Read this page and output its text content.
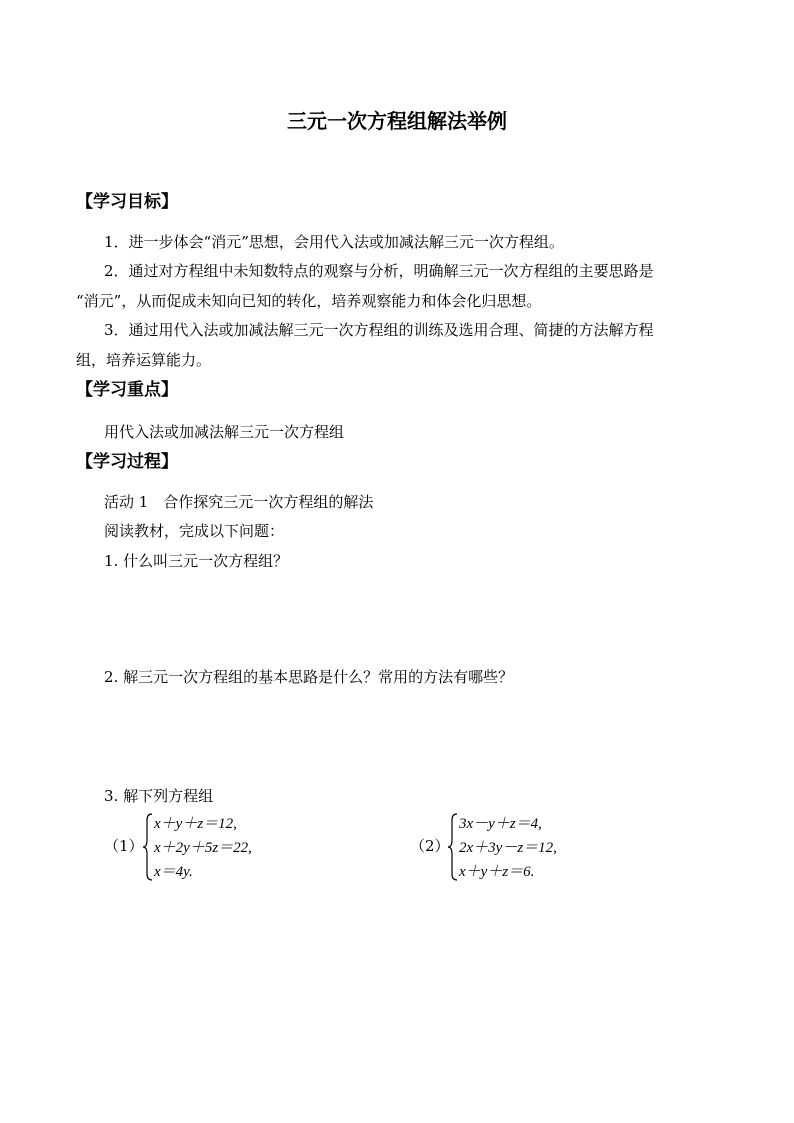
三元一次方程组解法举例
【学习目标】
1．进一步体会“消元”思想，会用代入法或加减法解三元一次方程组。
2．通过对方程组中未知数特点的观察与分析，明确解三元一次方程组的主要思路是
“消元”，从而促成未知向已知的转化，培养观察能力和体会化归思想。
3．通过用代入法或加减法解三元一次方程组的训练及选用合理、简捷的方法解方程
组，培养运算能力。
【学习重点】
用代入法或加减法解三元一次方程组
【学习过程】
活动 1　合作探究三元一次方程组的解法
阅读教材，完成以下问题：
1. 什么叫三元一次方程组？
2. 解三元一次方程组的基本思路是什么？常用的方法有哪些？
3. 解下列方程组
（1）
x＋y＋z＝12,
x＋2y＋5z＝22,
x＝4y.
（2）
3x－y＋z＝4,
2x＋3y－z＝12,
x＋y＋z＝6.
